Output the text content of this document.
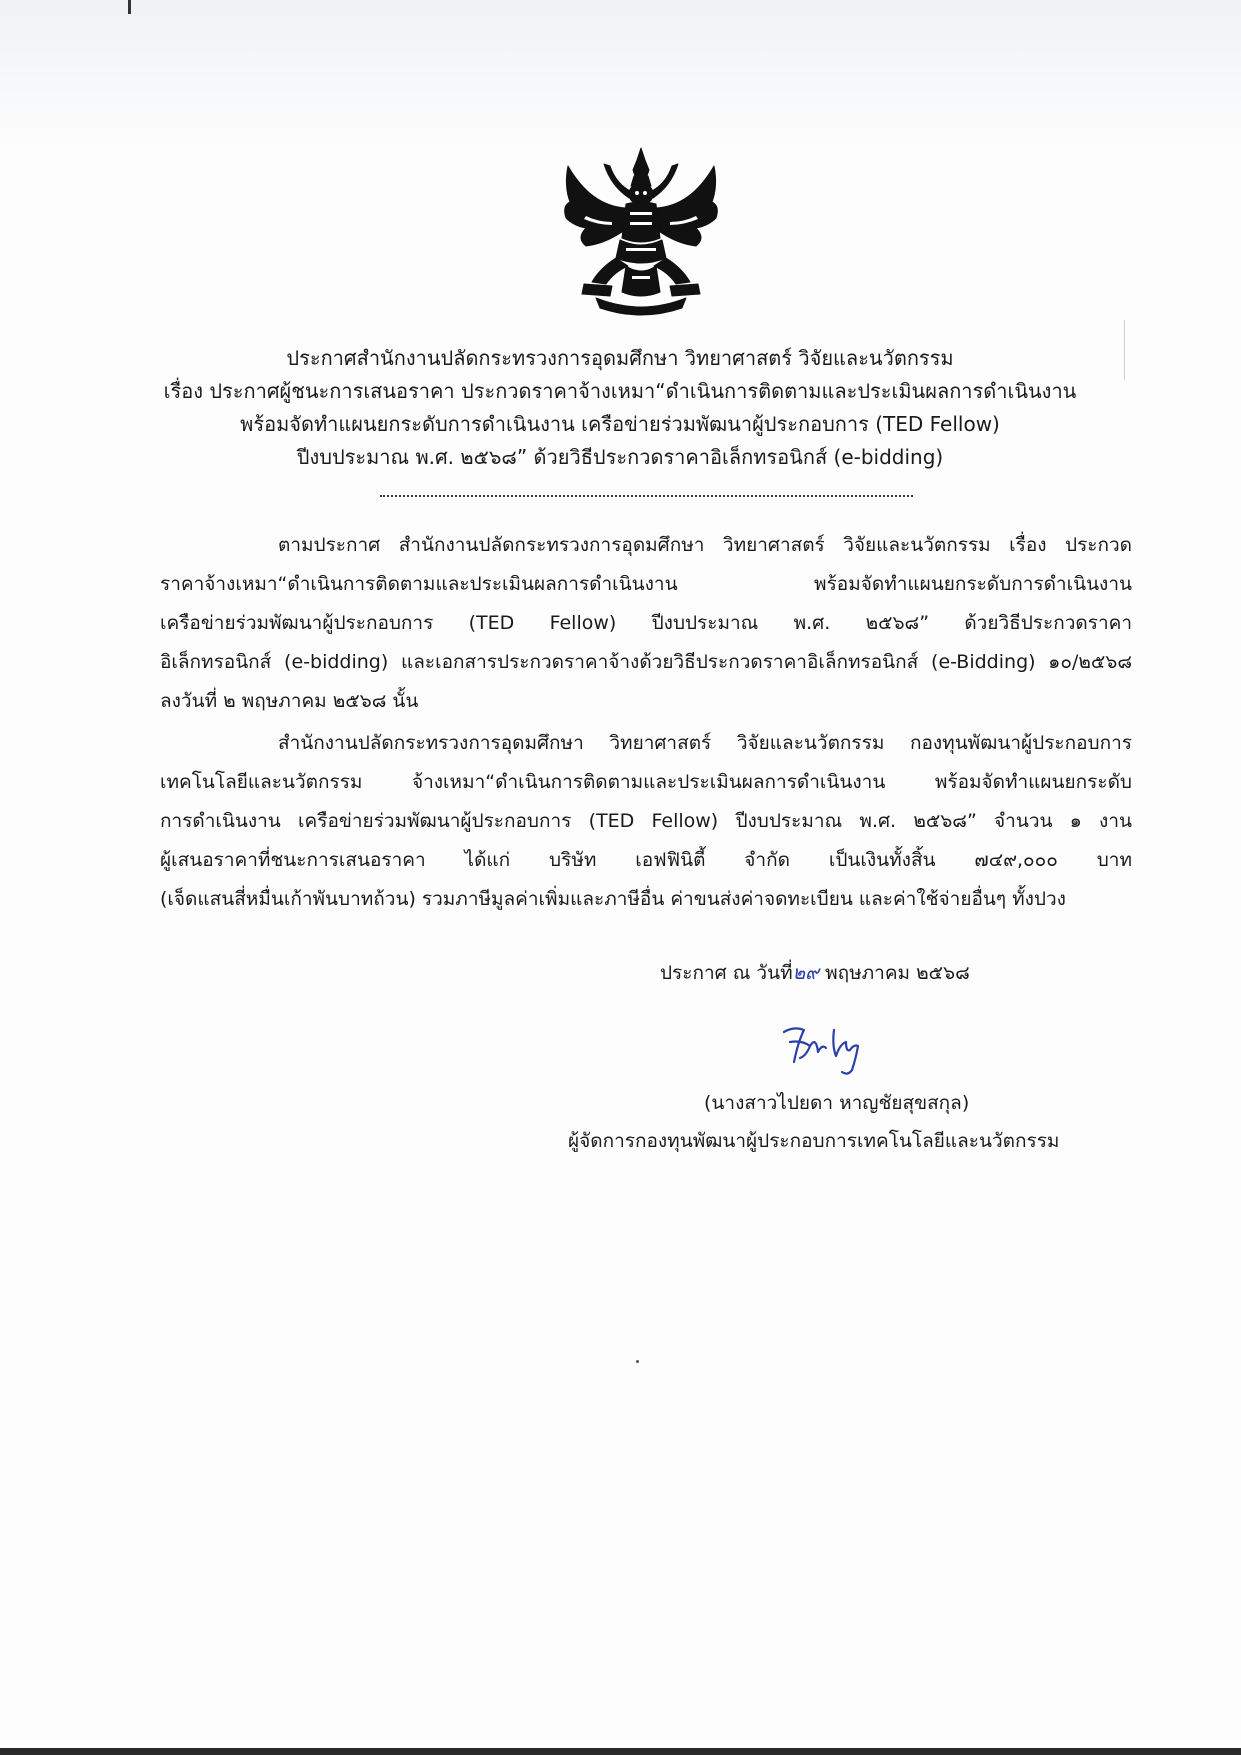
ประกาศสำนักงานปลัดกระทรวงการอุดมศึกษา วิทยาศาสตร์ วิจัยและนวัตกรรม
เรื่อง ประกาศผู้ชนะการเสนอราคา ประกวดราคาจ้างเหมา“ดำเนินการติดตามและประเมินผลการดำเนินงาน
พร้อมจัดทำแผนยกระดับการดำเนินงาน เครือข่ายร่วมพัฒนาผู้ประกอบการ (TED Fellow)
ปีงบประมาณ พ.ศ. ๒๕๖๘” ด้วยวิธีประกวดราคาอิเล็กทรอนิกส์ (e-bidding)
ตามประกาศ สำนักงานปลัดกระทรวงการอุดมศึกษา วิทยาศาสตร์ วิจัยและนวัตกรรม เรื่อง ประกวด
ราคาจ้างเหมา“ดำเนินการติดตามและประเมินผลการดำเนินงาน พร้อมจัดทำแผนยกระดับการดำเนินงาน
เครือข่ายร่วมพัฒนาผู้ประกอบการ (TED Fellow) ปีงบประมาณ พ.ศ. ๒๕๖๘” ด้วยวิธีประกวดราคา
อิเล็กทรอนิกส์ (e-bidding) และเอกสารประกวดราคาจ้างด้วยวิธีประกวดราคาอิเล็กทรอนิกส์ (e-Bidding) ๑๐/๒๕๖๘
ลงวันที่ ๒ พฤษภาคม ๒๕๖๘ นั้น
สำนักงานปลัดกระทรวงการอุดมศึกษา วิทยาศาสตร์ วิจัยและนวัตกรรม กองทุนพัฒนาผู้ประกอบการ
เทคโนโลยีและนวัตกรรม จ้างเหมา“ดำเนินการติดตามและประเมินผลการดำเนินงาน พร้อมจัดทำแผนยกระดับ
การดำเนินงาน เครือข่ายร่วมพัฒนาผู้ประกอบการ (TED Fellow) ปีงบประมาณ พ.ศ. ๒๕๖๘” จำนวน ๑ งาน
ผู้เสนอราคาที่ชนะการเสนอราคา ได้แก่ บริษัท เอฟฟินิตี้ จำกัด เป็นเงินทั้งสิ้น ๗๔๙,๐๐๐ บาท
(เจ็ดแสนสี่หมื่นเก้าพันบาทถ้วน) รวมภาษีมูลค่าเพิ่มและภาษีอื่น ค่าขนส่งค่าจดทะเบียน และค่าใช้จ่ายอื่นๆ ทั้งปวง
ประกาศ ณ วันที่๒๙ พฤษภาคม ๒๕๖๘
(นางสาวไปยดา หาญชัยสุขสกุล)
ผู้จัดการกองทุนพัฒนาผู้ประกอบการเทคโนโลยีและนวัตกรรม
